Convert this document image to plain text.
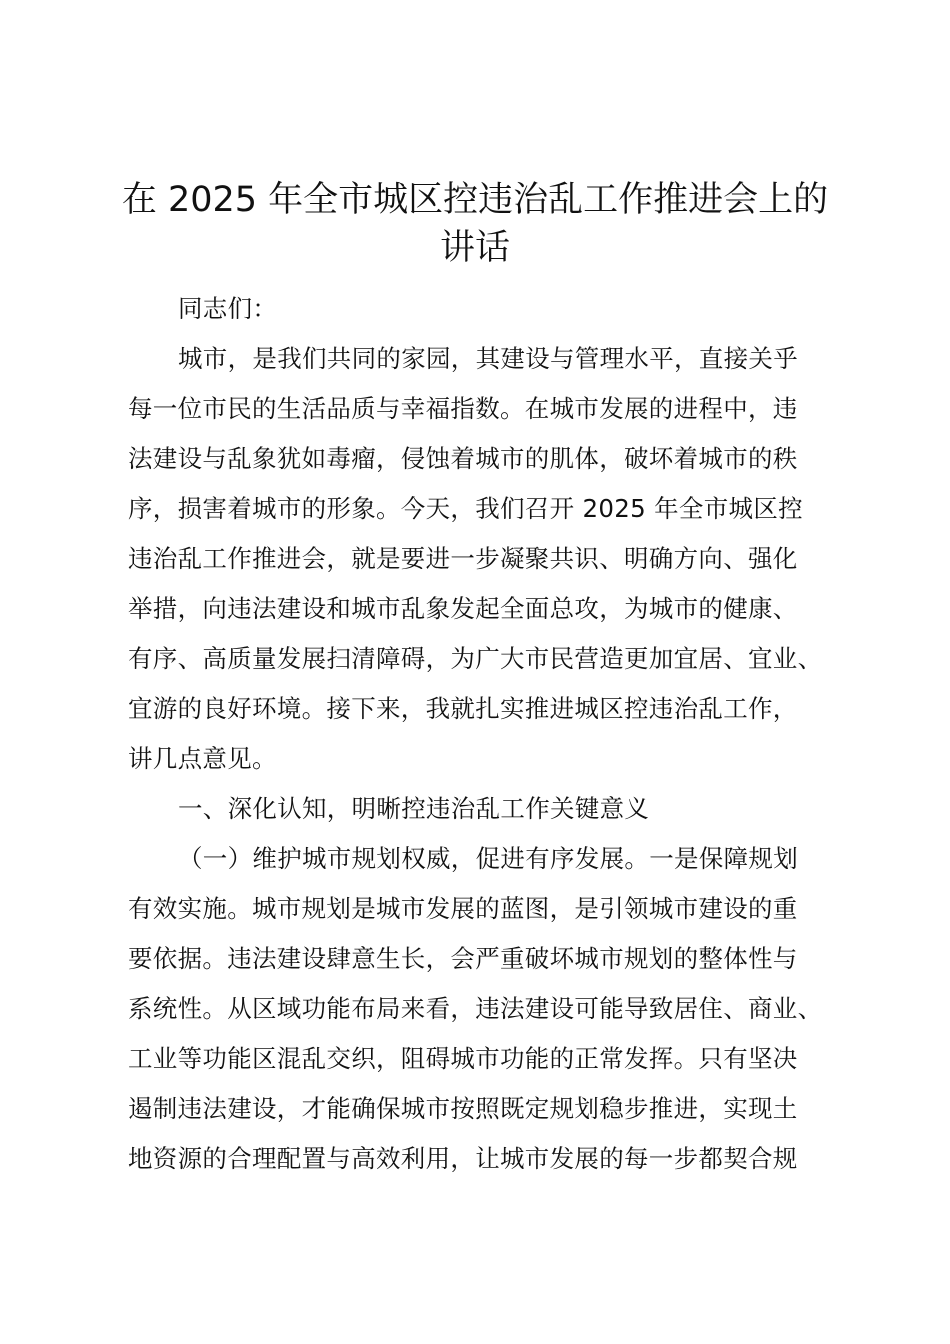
在 2025 年全市城区控违治乱工作推进会上的
讲话

同志们：

城市，是我们共同的家园，其建设与管理水平，直接关乎
每一位市民的生活品质与幸福指数。在城市发展的进程中，违
法建设与乱象犹如毒瘤，侵蚀着城市的肌体，破坏着城市的秩
序，损害着城市的形象。今天，我们召开 2025 年全市城区控
违治乱工作推进会，就是要进一步凝聚共识、明确方向、强化
举措，向违法建设和城市乱象发起全面总攻，为城市的健康、
有序、高质量发展扫清障碍，为广大市民营造更加宜居、宜业、
宜游的良好环境。接下来，我就扎实推进城区控违治乱工作，
讲几点意见。

一、深化认知，明晰控违治乱工作关键意义

（一）维护城市规划权威，促进有序发展。一是保障规划
有效实施。城市规划是城市发展的蓝图，是引领城市建设的重
要依据。违法建设肆意生长，会严重破坏城市规划的整体性与
系统性。从区域功能布局来看，违法建设可能导致居住、商业、
工业等功能区混乱交织，阻碍城市功能的正常发挥。只有坚决
遏制违法建设，才能确保城市按照既定规划稳步推进，实现土
地资源的合理配置与高效利用，让城市发展的每一步都契合规
